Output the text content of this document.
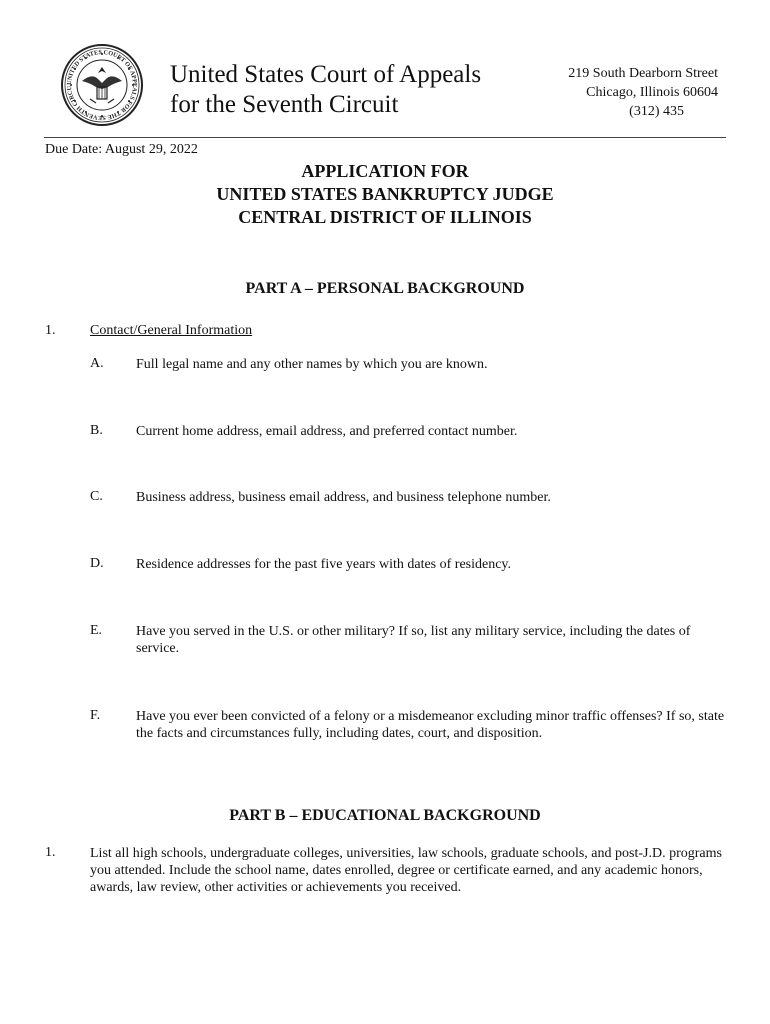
UNITED STATES COURT OF APPEALS FOR THE SEVENTH CIRCU
United States Court of Appeals
for the Seventh Circuit
219 South Dearborn Street
Chicago, Illinois 60604
(312) 435
Due Date: August 29, 2022
APPLICATION FOR
UNITED STATES BANKRUPTCY JUDGE
CENTRAL DISTRICT OF ILLINOIS
PART A – PERSONAL BACKGROUND
1. Contact/General Information
A. Full legal name and any other names by which you are known.
B. Current home address, email address, and preferred contact number.
C. Business address, business email address, and business telephone number.
D. Residence addresses for the past five years with dates of residency.
E. Have you served in the U.S. or other military? If so, list any military service, including the dates of service.
F.	Have you ever been convicted of a felony or a misdemeanor excluding minor traffic offenses? If so, state the facts and circumstances fully, including dates, court, and disposition.
PART B – EDUCATIONAL BACKGROUND
1. List all high schools, undergraduate colleges, universities, law schools, graduate schools, and post-J.D. programs you attended. Include the school name, dates enrolled, degree or certificate earned, and any academic honors, awards, law review, other activities or achievements you received.
